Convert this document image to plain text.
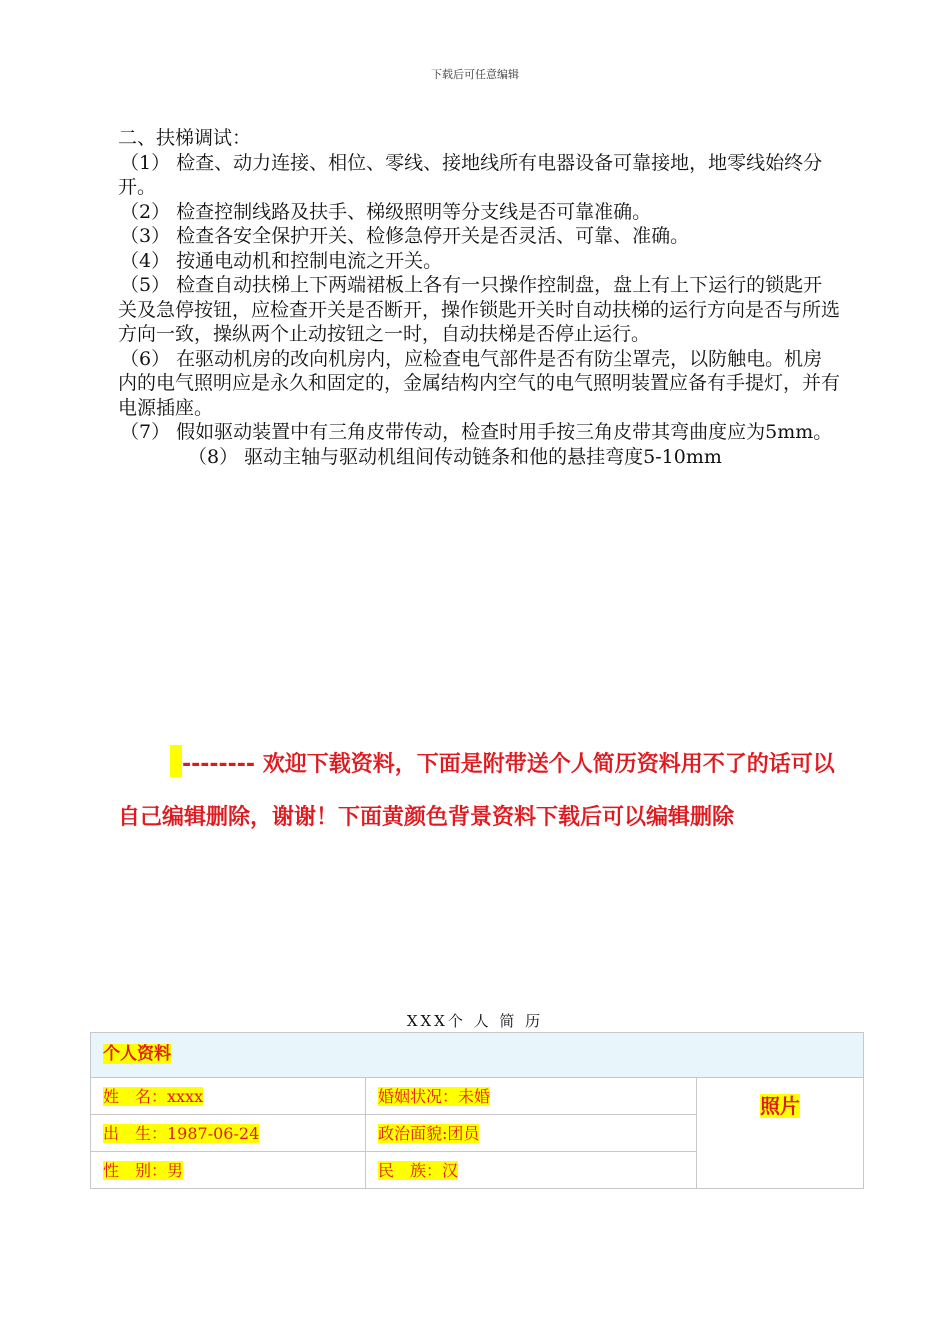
下载后可任意编辑

二、扶梯调试：

（1） 检查、动力连接、相位、零线、接地线所有电器设备可靠接地，地零线始终分开。

（2） 检查控制线路及扶手、梯级照明等分支线是否可靠准确。

（3） 检查各安全保护开关、检修急停开关是否灵活、可靠、准确。

（4） 按通电动机和控制电流之开关。

（5） 检查自动扶梯上下两端裙板上各有一只操作控制盘，盘上有上下运行的锁匙开关及急停按钮，应检查开关是否断开，操作锁匙开关时自动扶梯的运行方向是否与所选方向一致，操纵两个止动按钮之一时，自动扶梯是否停止运行。

（6） 在驱动机房的改向机房内，应检查电气部件是否有防尘罩壳，以防触电。机房内的电气照明应是永久和固定的，金属结构内空气的电气照明装置应备有手提灯，并有电源插座。

（7） 假如驱动装置中有三角皮带传动，检查时用手按三角皮带其弯曲度应为5mm。

（8） 驱动主轴与驱动机组间传动链条和他的悬挂弯度5-10mm

-------- 欢迎下载资料，下面是附带送个人简历资料用不了的话可以自己编辑删除，谢谢！下面黄颜色背景资料下载后可以编辑删除
XXX个 人 简 历
个人资料		
姓　名：xxxx	婚姻状况：未婚	照片
出　生：1987-06-24	政治面貌:团员	
性　别：男	民　族：汉	
